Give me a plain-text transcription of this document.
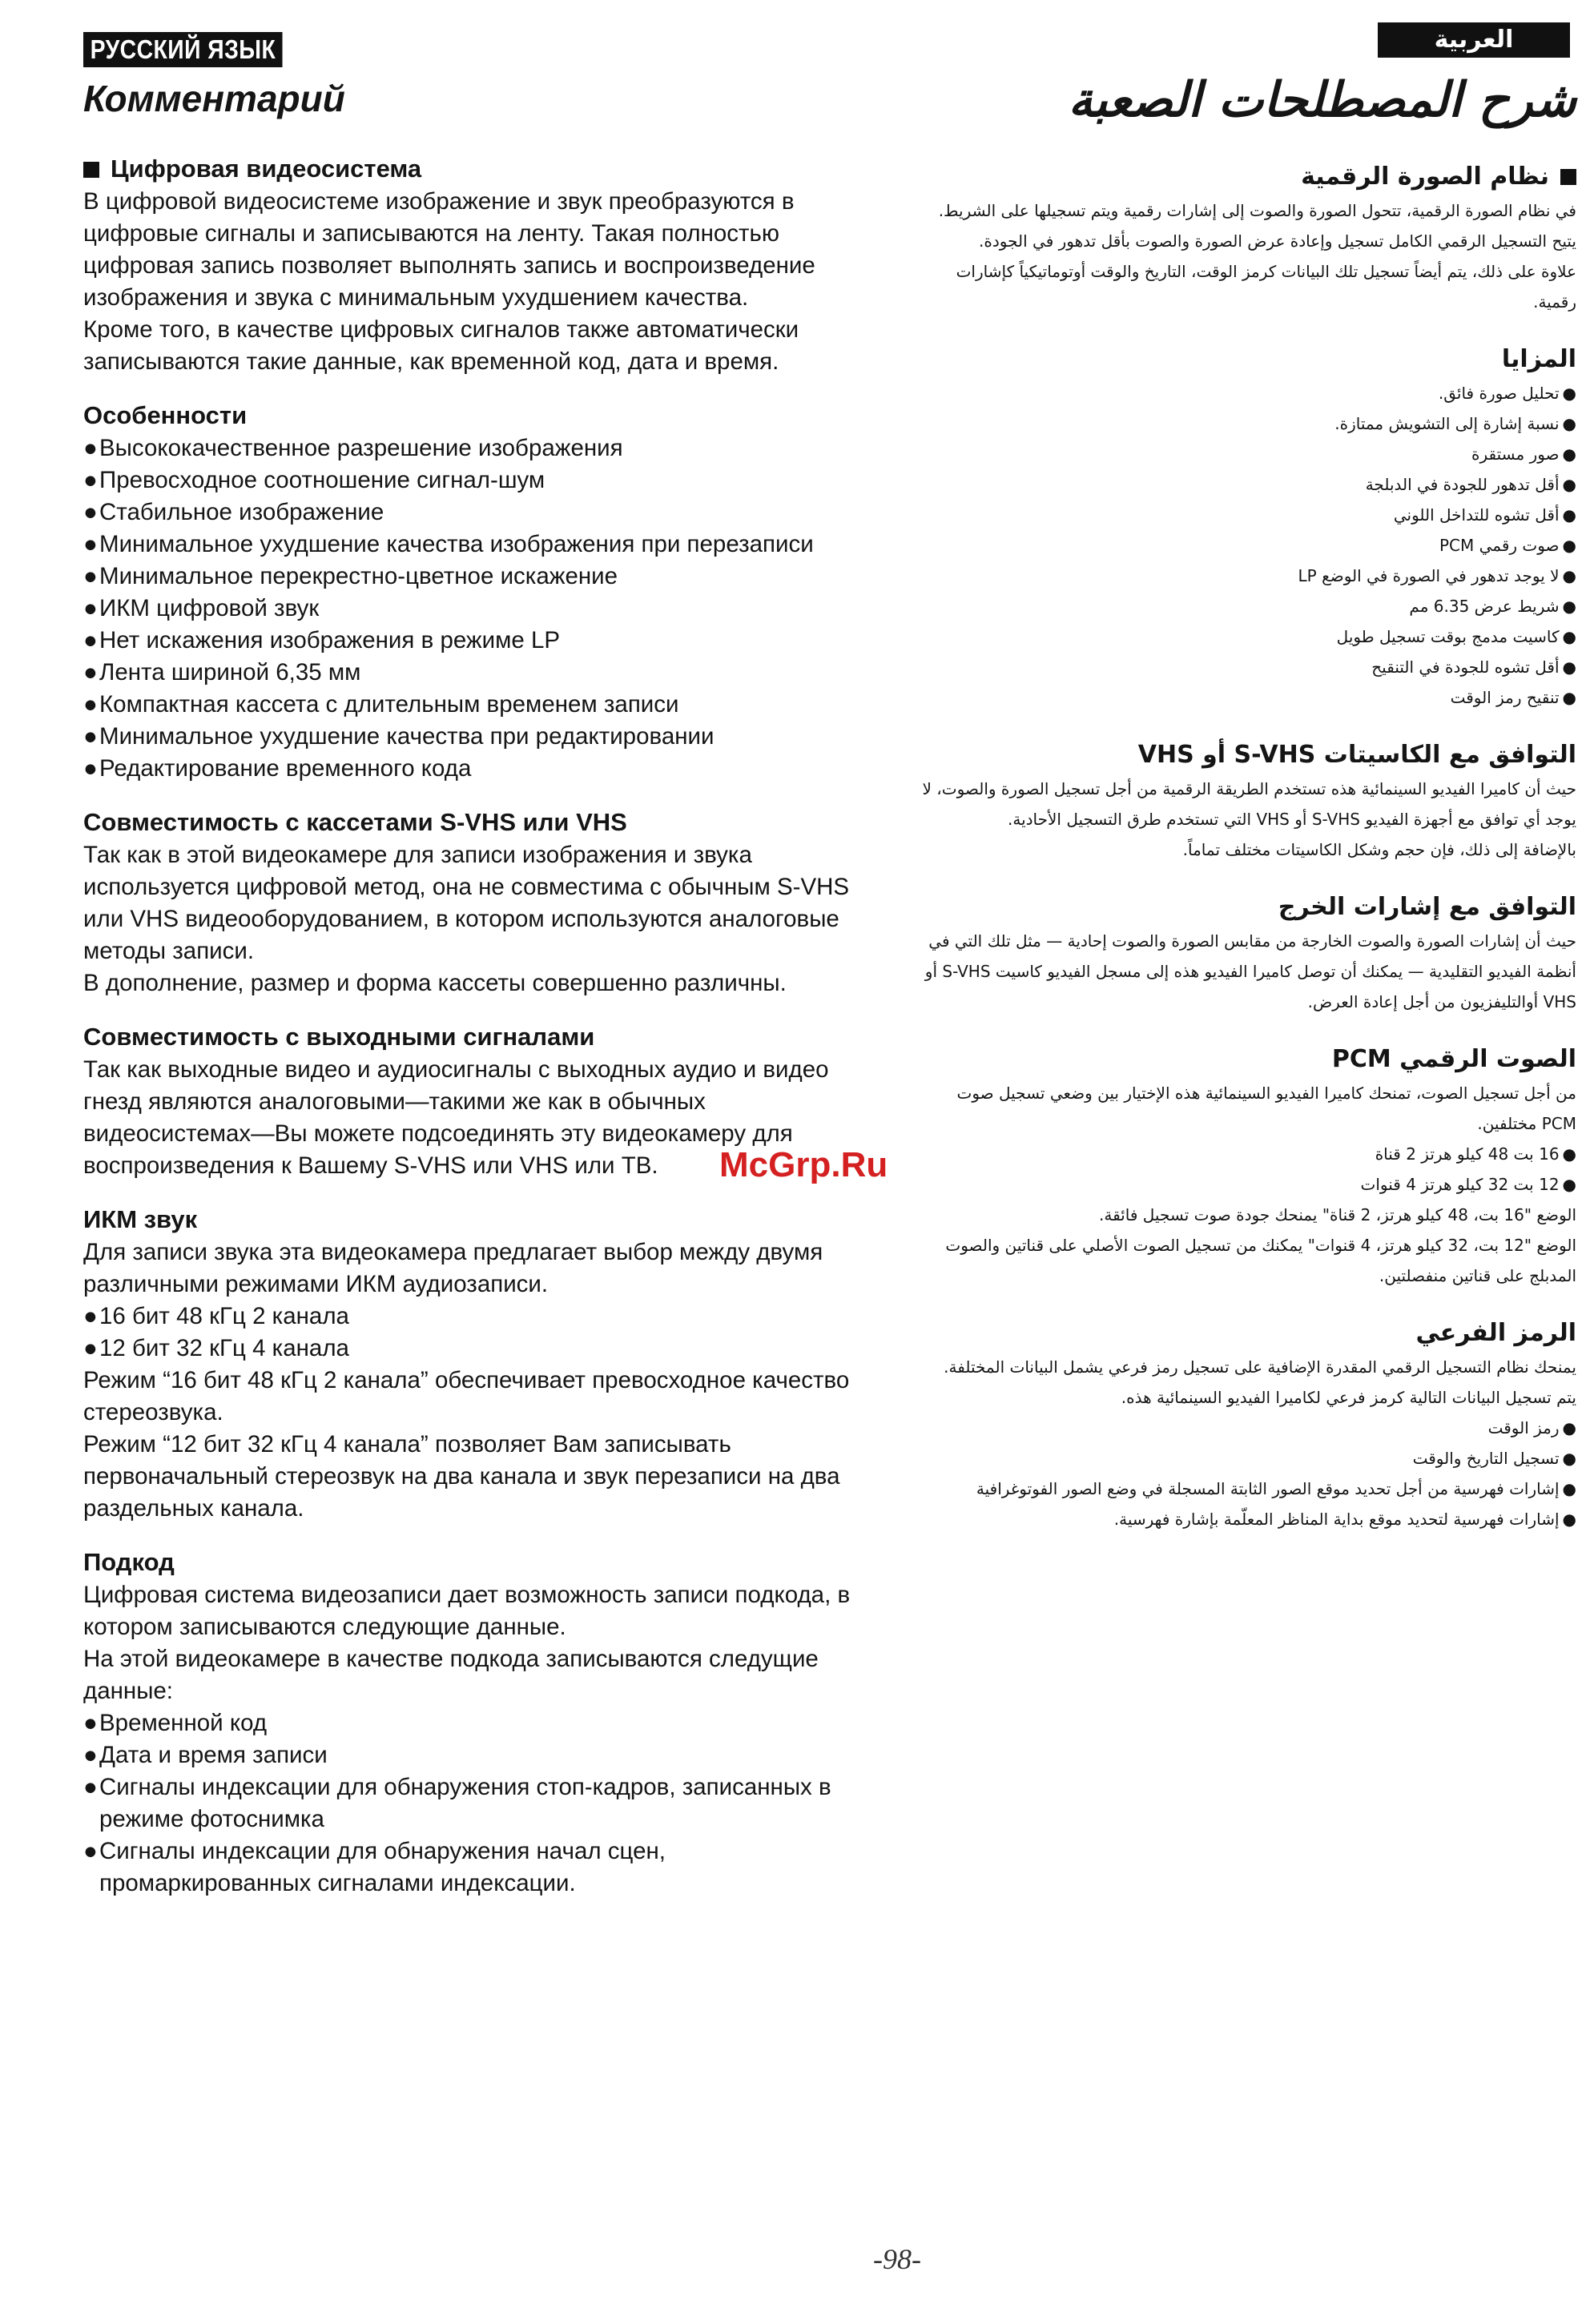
РУССКИЙ ЯЗЫК	العربية
Комментарий	شرح المصطلحات الصعبة

Цифровая видеосистема

В цифровой видеосистеме изображение и звук преобразуются в цифровые сигналы и записываются на ленту. Такая полностью цифровая запись позволяет выполнять запись и воспроизведение изображения и звука с минимальным ухудшением качества.

Кроме того, в качестве цифровых сигналов также автоматически записываются такие данные, как временной код, дата и время.

Особенности

● Высококачественное разрешение изображения
● Превосходное соотношение сигнал-шум
● Стабильное изображение
● Минимальное ухудшение качества изображения при перезаписи
● Минимальное перекрестно-цветное искажение
● ИКМ цифровой звук
● Нет искажения изображения в режиме LP
● Лента шириной 6,35 мм
● Компактная кассета с длительным временем записи
● Минимальное ухудшение качества при редактировании
● Редактирование временного кода

Совместимость с кассетами S-VHS или VHS

Так как в этой видеокамере для записи изображения и звука используется цифровой метод, она не совместима с обычным S-VHS или VHS видеооборудованием, в котором используются аналоговые методы записи.

В дополнение, размер и форма кассеты совершенно различны.

Совместимость с выходными сигналами

Так как выходные видео и аудиосигналы с выходных аудио и видео гнезд являются аналоговыми—такими же как в обычных видеосистемах—Вы можете подсоединять эту видеокамеру для воспроизведения к Вашему S-VHS или VHS или ТВ.

ИКМ звук

Для записи звука эта видеокамера предлагает выбор между двумя различными режимами ИКМ аудиозаписи.

● 16 бит 48 кГц 2 канала
● 12 бит 32 кГц 4 канала

Режим “16 бит 48 кГц 2 канала” обеспечивает превосходное качество стереозвука.

Режим “12 бит 32 кГц 4 канала” позволяет Вам записывать первоначальный стереозвук на два канала и звук перезаписи на два раздельных канала.

Подкод

Цифровая система видеозаписи дает возможность записи подкода, в котором записываются следующие данные.

На этой видеокамере в качестве подкода записываются следущие данные:

● Временной код
● Дата и время записи
● Сигналы индексации для обнаружения стоп-кадров, записанных в режиме фотоснимка
● Сигналы индексации для обнаружения начал сцен, промаркированных сигналами индексации.

نظام الصورة الرقمية

في نظام الصورة الرقمية، تتحول الصورة والصوت إلى إشارات رقمية ويتم تسجيلها على الشريط. يتيح التسجيل الرقمي الكامل تسجيل وإعادة عرض الصورة والصوت بأقل تدهور في الجودة.

علاوة على ذلك، يتم أيضاً تسجيل تلك البيانات كرمز الوقت، التاريخ والوقت أوتوماتيكياً كإشارات رقمية.

المزايا

●تحليل صورة فائق.

●نسبة إشارة إلى التشويش ممتازة.

●صور مستقرة

●أقل تدهور للجودة في الدبلجة

●أقل تشوه للتداخل اللوني

●صوت رقمي PCM

●لا يوجد تدهور في الصورة في الوضع LP

●شريط عرض 6.35 مم

●كاسيت مدمج بوقت تسجيل طويل

●أقل تشوه للجودة في التنقيح

●تنقيح رمز الوقت

التوافق مع الكاسيتات S-VHS أو VHS

حيث أن كاميرا الفيديو السينمائية هذه تستخدم الطريقة الرقمية من أجل تسجيل الصورة والصوت، لا يوجد أي توافق مع أجهزة الفيديو S-VHS أو VHS التي تستخدم طرق التسجيل الأحادية.

بالإضافة إلى ذلك، فإن حجم وشكل الكاسيتات مختلف تماماً.

التوافق مع إشارات الخرج

حيث أن إشارات الصورة والصوت الخارجة من مقابس الصورة والصوت إحادية — مثل تلك التي في أنظمة الفيديو التقليدية — يمكنك أن توصل كاميرا الفيديو هذه إلى مسجل الفيديو كاسيت S-VHS أو VHS أوالتليفزيون من أجل إعادة العرض.

الصوت الرقمي PCM

من أجل تسجيل الصوت، تمنحك كاميرا الفيديو السينمائية هذه الإختيار بين وضعي تسجيل صوت PCM مختلفين.

●16 بت 48 كيلو هرتز 2 قناة

●12 بت 32 كيلو هرتز 4 قنوات

الوضع "16 بت، 48 كيلو هرتز، 2 قناة" يمنحك جودة صوت تسجيل فائقة.

الوضع "12 بت، 32 كيلو هرتز، 4 قنوات" يمكنك من تسجيل الصوت الأصلي على قناتين والصوت المدبلج على قناتين منفصلتين.

الرمز الفرعي

يمنحك نظام التسجيل الرقمي المقدرة الإضافية على تسجيل رمز فرعي يشمل البيانات المختلفة.

يتم تسجيل البيانات التالية كرمز فرعي لكاميرا الفيديو السينمائية هذه.

●رمز الوقت

●تسجيل التاريخ والوقت

●إشارات فهرسية من أجل تحديد موقع الصور الثابتة المسجلة في وضع الصور الفوتوغرافية

●إشارات فهرسية لتحديد موقع بداية المناظر المعلّمة بإشارة فهرسية.

McGrp.Ru
-98-
